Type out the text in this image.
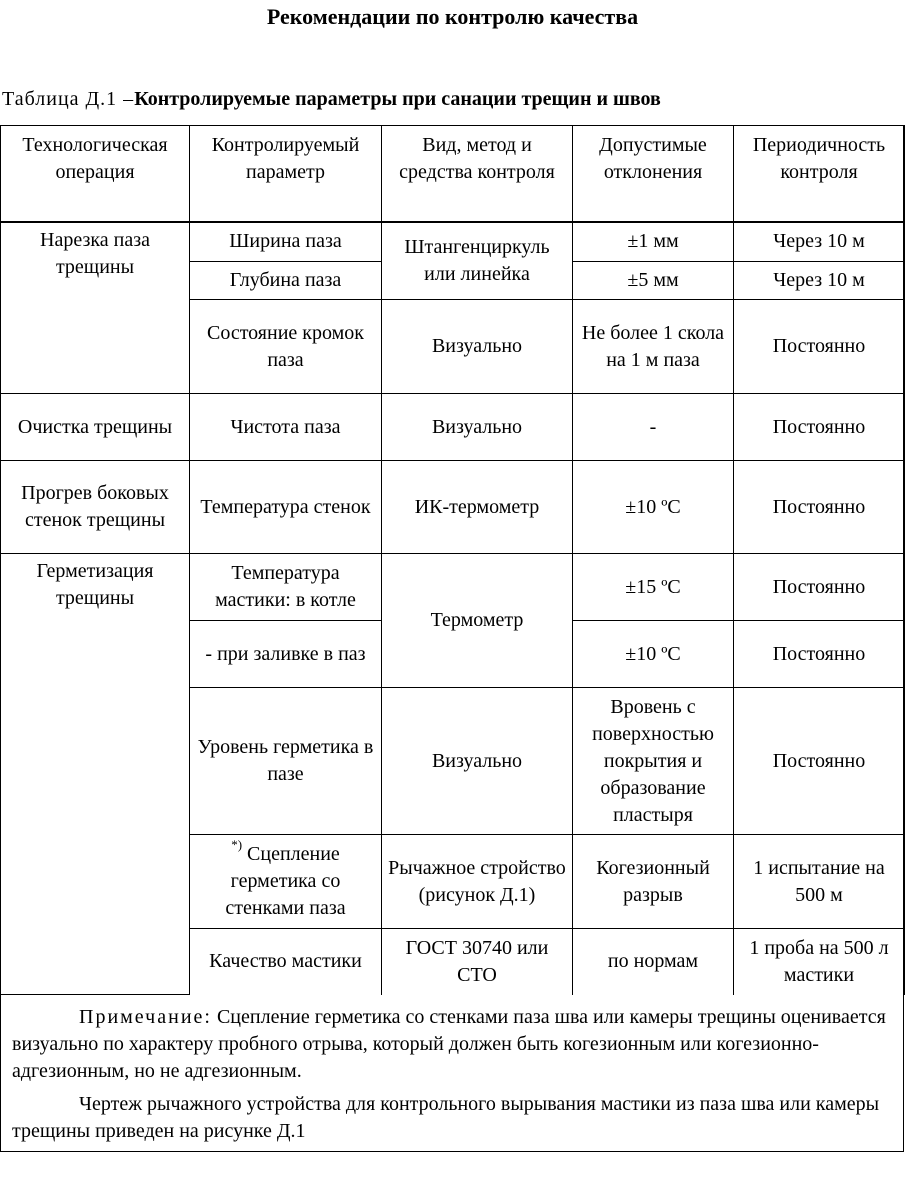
Рекомендации по контролю качества
Таблица Д.1 –Контролируемые параметры при санации трещин и швов
Технологическая операция	Контролируемый параметр	Вид, метод и средства контроля	Допустимые отклонения	Периодичность контроля
Нарезка паза трещины	Ширина паза	Штангенциркуль или линейка	±1 мм	Через 10 м
	Глубина паза		±5 мм	Через 10 м
	Состояние кромок паза	Визуально	Не более 1 скола на 1 м паза	Постоянно
Очистка трещины	Чистота паза	Визуально	-	Постоянно
Прогрев боковых стенок трещины	Температура стенок	ИК-термометр	±10 ºС	Постоянно
Герметизация трещины	Температура мастики: в котле	Термометр	±15 ºС	Постоянно
	- при заливке в паз		±10 ºС	Постоянно
	Уровень герметика в пазе	Визуально	Вровень с поверхностью покрытия и образование пластыря	Постоянно
	*) Сцепление герметика со стенками паза	Рычажное стройство (рисунок Д.1)	Когезионный разрыв	1 испытание на 500 м
	Качество мастики	ГОСТ 30740 или СТО	по нормам	1 проба на 500 л мастики

Примечание: Сцепление герметика со стенками паза шва или камеры трещины оценивается визуально по характеру пробного отрыва, который должен быть когезионным или когезионно-адгезионным, но не адгезионным.

Чертеж рычажного устройства для контрольного вырывания мастики из паза шва или камеры трещины приведен на рисунке Д.1
